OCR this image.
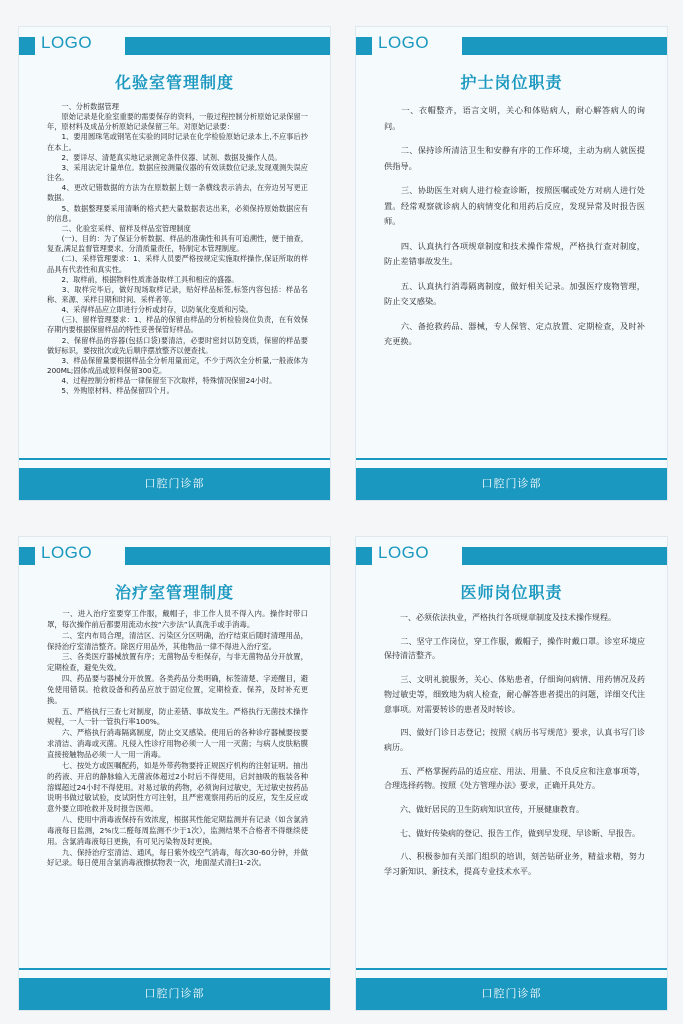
LOGO
化验室管理制度

　　一、分析数据管理

　　原始记录是化验室重要的需要保存的资料，一般过程控制分析原始记录保留一年，原材料及成品分析原始记录保留三年。对原始记录要：

　　1、要用圆珠笔或钢笔在实验的同时记录在化学检验原始记录本上,不应事后抄在本上。

　　2、要详尽、清楚真实地记录测定条件仪器、试剂、数据及操作人员。

　　3、采用法定计量单位。数据应按测量仪器的有效读数位记录,发现观测失误应注名。

　　4、更改记错数据的方法为在原数据上划一条横线表示消去，在旁边另写更正数据。

　　5、数据整理要采用清晰的格式把大量数据表达出来，必须保持原始数据应有的信息。

　　二、化验室采样、留样及样品室管理制度

　　(一)、目的：为了保证分析数据、样品的准确性和具有可追溯性，便于抽查，复查,满足监督管理要求、分清质量责任，特制定本管理制度。

　　(二)、采样管理要求：1、采样人员要严格按规定实施取样操作,保证所取的样品具有代表性和真实性。

　　2、取样前，根据物料性质准备取样工具和相应的盛器。

　　3、取样完毕后，做好现场取样记录，贴好样品标签,标签内容包括：样品名称、来源、采样日期和时间、采样者等。

　　4、采得样品应立即进行分析或封存，以防氧化变质和污染。

　　(三)、留样管理要求：1、样品的保留由样品的分析检验岗位负责，在有效保存期内要根据保留样品的特性妥善保管好样品。

　　2、保留样品的容器(包括口袋)要清洁，必要时密封以防变质，保留的样品要做好标识，要按批次或先后顺序摆放整齐以便查找。

　　3、样品保留量要根据样品全分析用量而定，不少于两次全分析量,一般液体为200ML;固体成品或原料保留300克。

　　4、过程控制分析样品一律保留至下次取样，特殊情况保留24小时。

　　5、外购原材料、样品保留四个月。

口腔门诊部
LOGO
护士岗位职责

　　一、衣帽整齐，语言文明，关心和体贴病人，耐心解答病人的询问。

　　二、保持诊所清洁卫生和安静有序的工作环境，主动为病人就医提供指导。

　　三、协助医生对病人进行检查诊断，按照医嘱或处方对病人进行处置。经常观察就诊病人的病情变化和用药后反应，发现异常及时报告医师。

　　四、认真执行各项规章制度和技术操作常规，严格执行查对制度，防止差错事故发生。

　　五、认真执行消毒隔离制度，做好相关记录。加强医疗废物管理，防止交叉感染。

　　六、备抢救药品、器械，专人保管、定点放置、定期检查，及时补充更换。

口腔门诊部
LOGO
治疗室管理制度

　　一、进入治疗室要穿工作服，戴帽子，非工作人员不得入内。操作时带口罩，每次操作前后都要用流动水按“六步法”认真洗手或手消毒。

　　二、室内布局合理，清洁区、污染区分区明确，治疗结束后随时清理用品，保持治疗室清洁整齐。除医疗用品外，其他物品一律不得进入治疗室。

　　三、各类医疗器械放置有序；无菌物品专柜保存，与非无菌物品分开放置，定期检查，避免失效。

　　四、药品要与器械分开放置。各类药品分类明确，标签清楚、字迹醒目，避免使用错误。抢救设备和药品应放于固定位置，定期检查、保养，及时补充更换。

　　五、严格执行三查七对制度，防止差错、事故发生。严格执行无菌技术操作规程，一人一针一管执行率100%。

　　六、严格执行消毒隔离制度，防止交叉感染。使用后的各种诊疗器械要按要求清洁、消毒或灭菌。凡侵入性诊疗用物必须一人一用一灭菌；与病人皮肤粘膜直接接触物品必须一人一用一消毒。

　　七、按处方或医嘱配药，如是外带药物要持正规医疗机构的注射证明。抽出的药液、开启的静脉输入无菌液体超过2小时后不得使用，启封抽吸的瓶装各种溶媒超过24小时不得使用。对易过敏的药物，必须询问过敏史，无过敏史按药品说明书做过敏试验，皮试阴性方可注射，且严密观察用药后的反应，发生反应或意外要立即抢救并及时报告医师。

　　八、使用中消毒液保持有效浓度，根据其性能定期监测并有记录（如含氯消毒液每日监测，2%戊二醛每周监测不少于1次），监测结果不合格者不得继续使用。含氯消毒液每日更换，有可见污染物及时更换。

　　九、保持治疗室清洁、通风，每日紫外线空气消毒，每次30-60分钟，并做好记录。每日使用含氯消毒液擦拭物表一次，地面湿式清扫1-2次。

口腔门诊部
LOGO
医师岗位职责

　　一、必须依法执业，严格执行各项规章制度及技术操作规程。

　　二、坚守工作岗位，穿工作服，戴帽子，操作时戴口罩。诊室环境应保持清洁整齐。

　　三、文明礼貌服务，关心、体贴患者，仔细询问病情、用药情况及药物过敏史等，细致地为病人检查，耐心解答患者提出的问题，详细交代注意事项。对需要转诊的患者及时转诊。

　　四、做好门诊日志登记；按照《病历书写规范》要求，认真书写门诊病历。

　　五、严格掌握药品的适应症、用法、用量、不良反应和注意事项等，合理选择药物。按照《处方管理办法》要求，正确开具处方。

　　六、做好居民的卫生防病知识宣传，开展健康教育。

　　七、做好传染病的登记、报告工作，做到早发现、早诊断、早报告。

　　八、积极参加有关部门组织的培训，刻苦钻研业务，精益求精，努力学习新知识、新技术，提高专业技术水平。

口腔门诊部
